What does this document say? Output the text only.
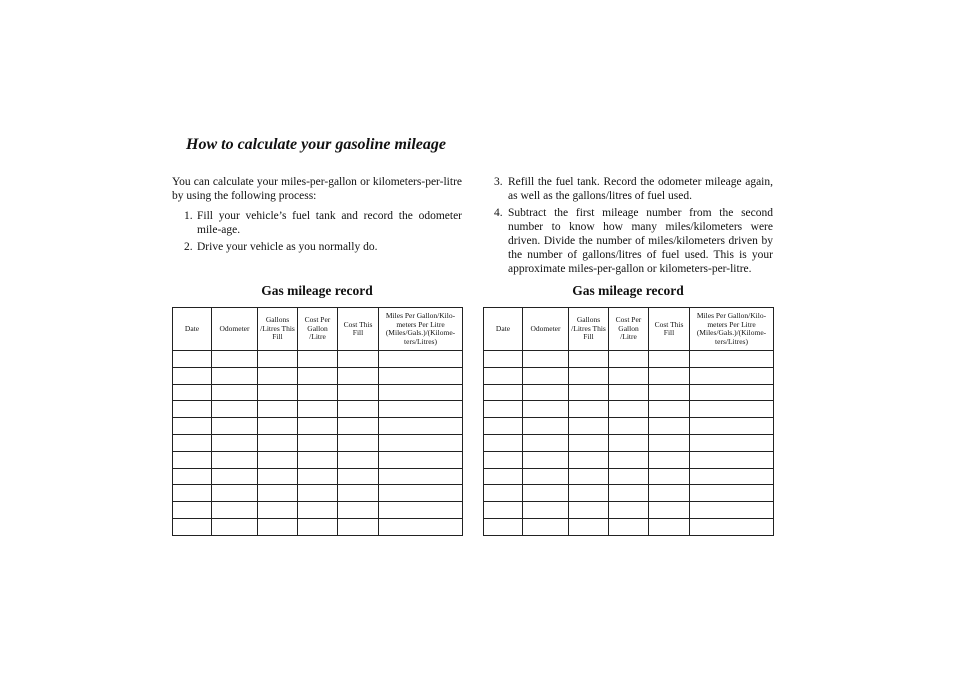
How to calculate your gasoline mileage

You can calculate your miles-per-gallon or kilometers-per-litre by using the following process:

1. Fill your vehicle’s fuel tank and record the odometer mile-age.
2. Drive your vehicle as you normally do.
3. Refill the fuel tank. Record the odometer mileage again, as well as the gallons/litres of fuel used.
4. Subtract the first mileage number from the second number to know how many miles/kilometers were driven. Divide the number of miles/kilometers driven by the number of gallons/litres of fuel used. This is your approximate miles-per-gallon or kilometers-per-litre.
Gas mileage record
Date	Odometer	Gallons /Litres This Fill	Cost Per Gallon /Litre	Cost This Fill	Miles Per Gallon/Kilo-meters Per Litre (Miles/Gals.)/(Kilome-ters/Litres)

Gas mileage record
Date	Odometer	Gallons /Litres This Fill	Cost Per Gallon /Litre	Cost This Fill	Miles Per Gallon/Kilo-meters Per Litre (Miles/Gals.)/(Kilome-ters/Litres)
